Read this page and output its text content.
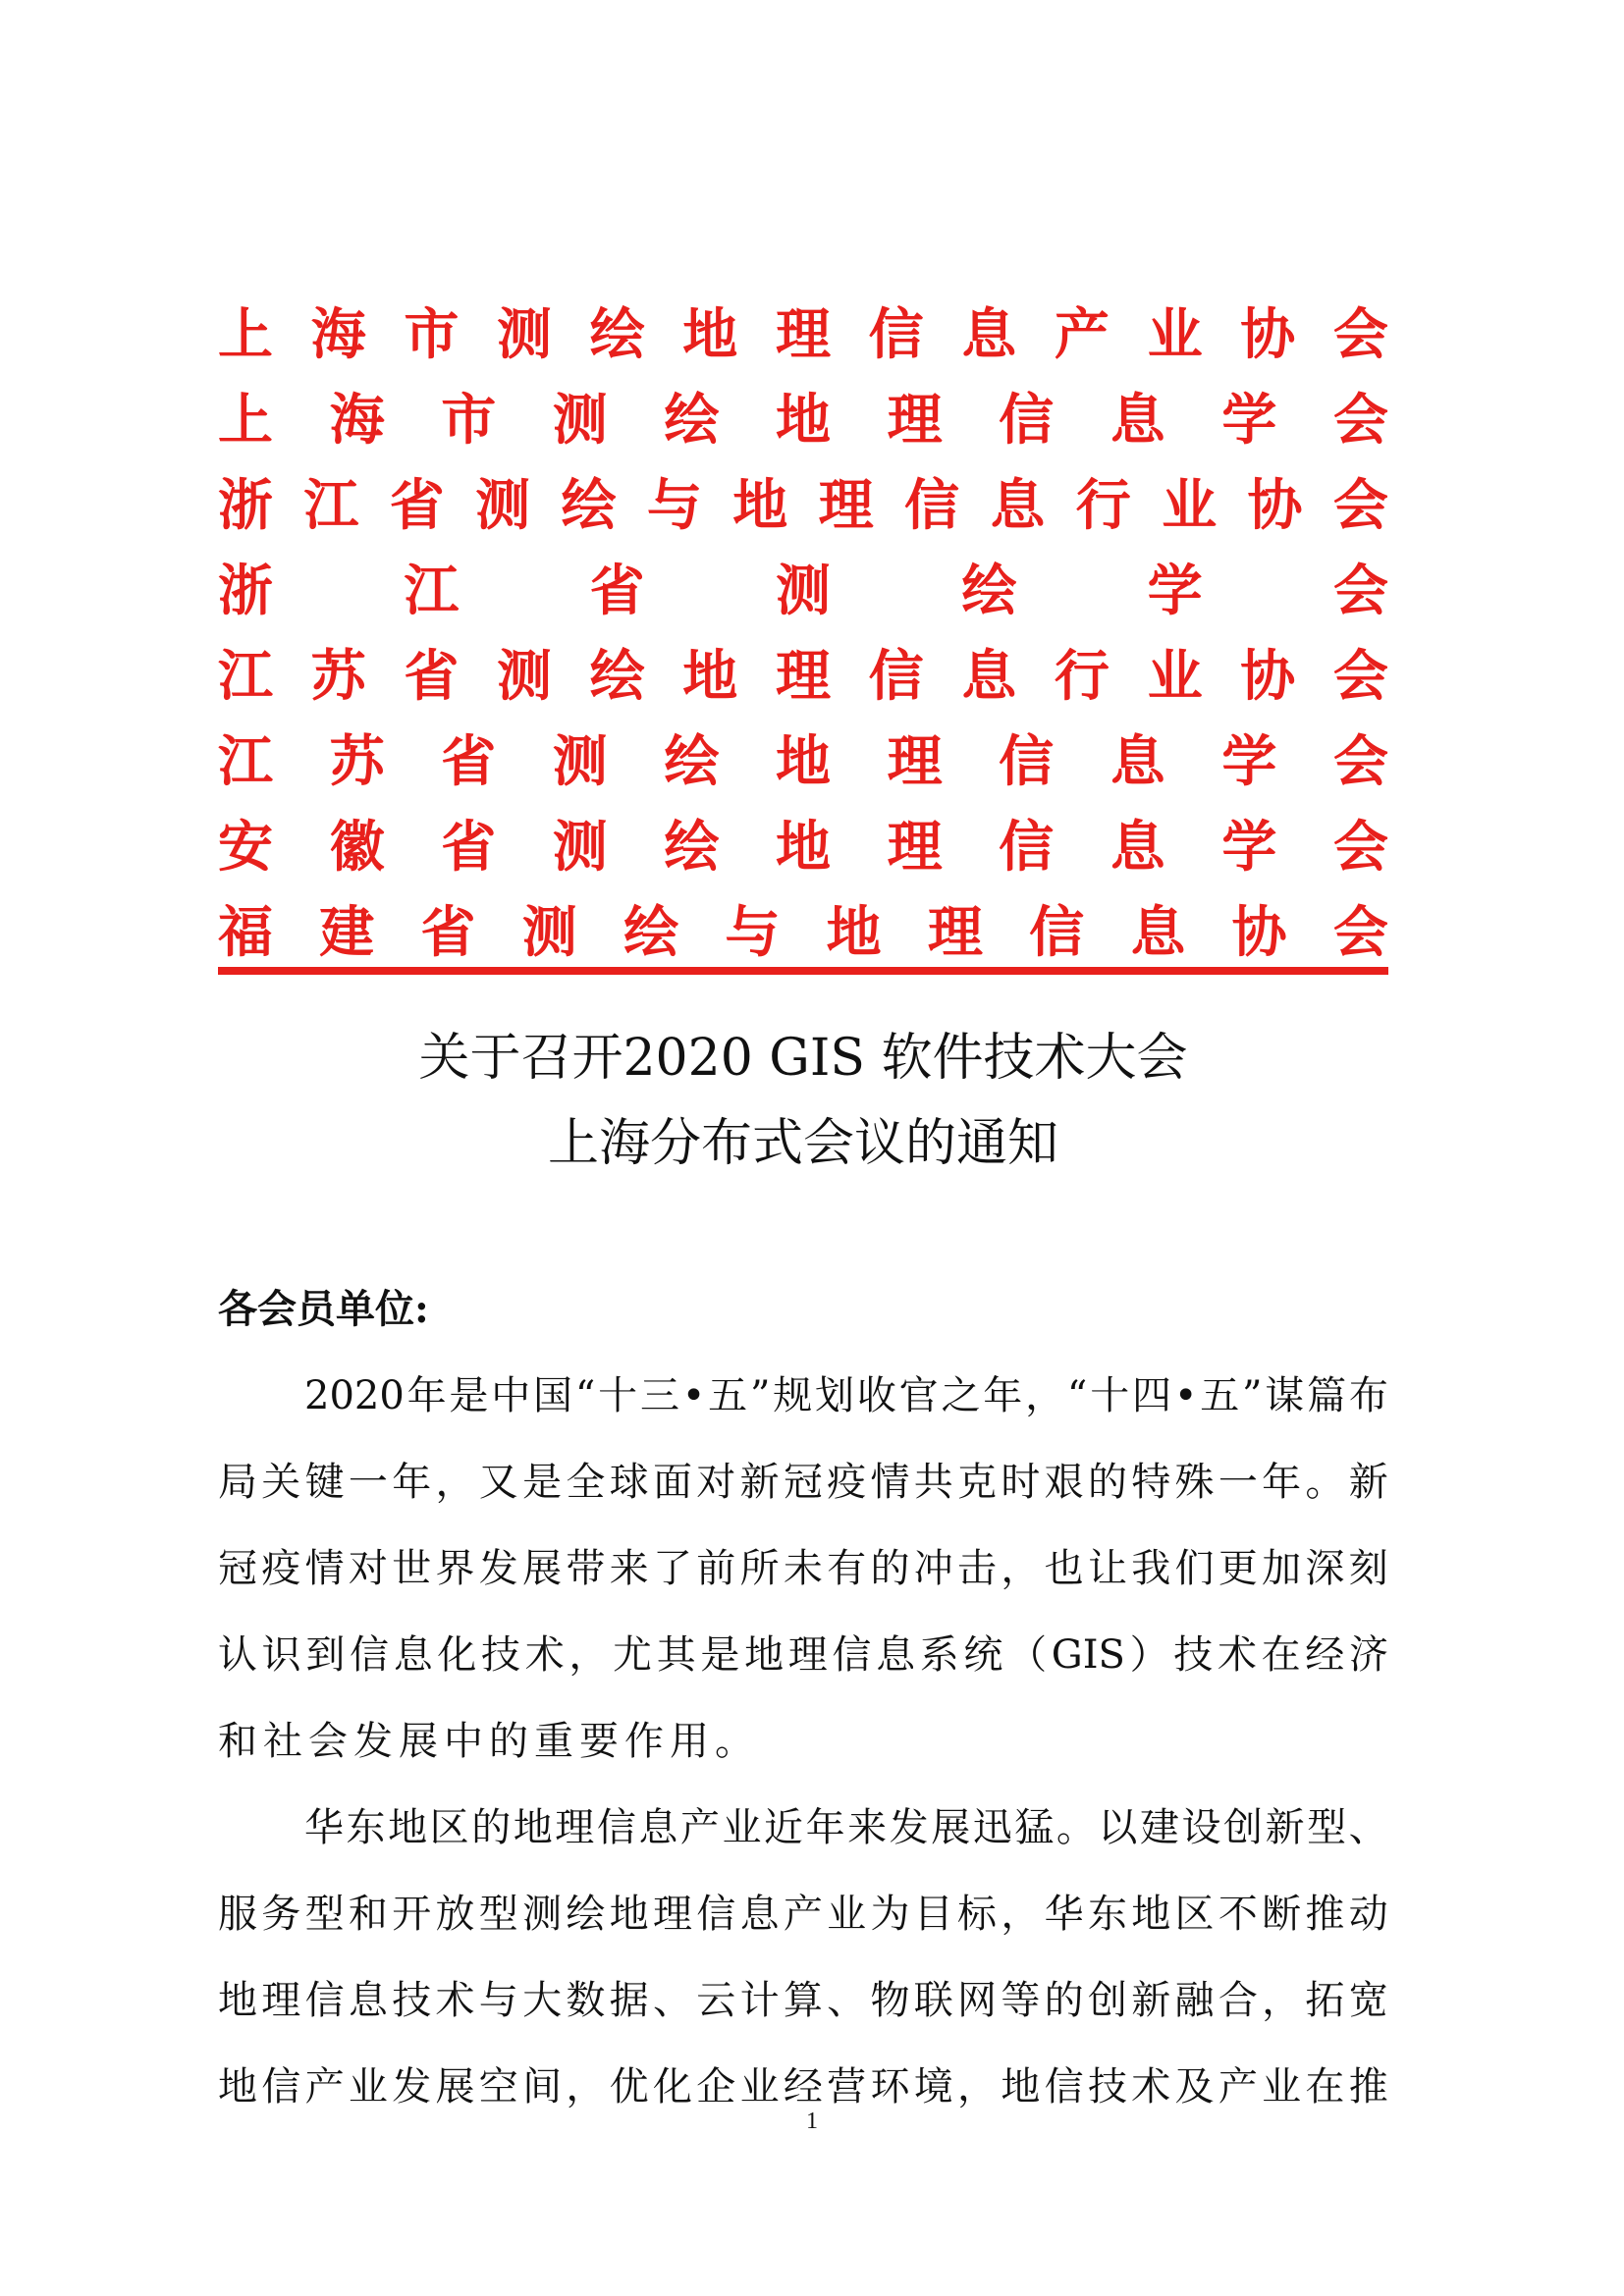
上 海 市 测 绘 地 理 信 息 产 业 协 会
上 海 市 测 绘 地 理 信 息 学 会
浙 江 省 测 绘 与 地 理 信 息 行 业 协 会
浙 江 省 测 绘 学 会
江 苏 省 测 绘 地 理 信 息 行 业 协 会
江 苏 省 测 绘 地 理 信 息 学 会
安 徽 省 测 绘 地 理 信 息 学 会
福 建 省 测 绘 与 地 理 信 息 协 会
关于召开2020 GIS 软件技术大会
上海分布式会议的通知
各会员单位:
2020 年 是 中 国 “ 十 三 • 五 ” 规 划 收 官 之 年 ， “ 十 四 • 五 ” 谋 篇 布
局 关 键 一 年 ， 又 是 全 球 面 对 新 冠 疫 情 共 克 时 艰 的 特 殊 一 年 。 新
冠 疫 情 对 世 界 发 展 带 来 了 前 所 未 有 的 冲 击 ， 也 让 我 们 更 加 深 刻
认 识 到 信 息 化 技 术 ， 尤 其 是 地 理 信 息 系 统 （ GIS ） 技 术 在 经 济
和 社 会 发 展 中 的 重 要 作 用 。
华 东 地 区 的 地 理 信 息 产 业 近 年 来 发 展 迅 猛 。 以 建 设 创 新 型 、
服 务 型 和 开 放 型 测 绘 地 理 信 息 产 业 为 目 标 ， 华 东 地 区 不 断 推 动
地 理 信 息 技 术 与 大 数 据 、 云 计 算 、 物 联 网 等 的 创 新 融 合 ， 拓 宽
地 信 产 业 发 展 空 间 ， 优 化 企 业 经 营 环 境 ， 地 信 技 术 及 产 业 在 推
1
